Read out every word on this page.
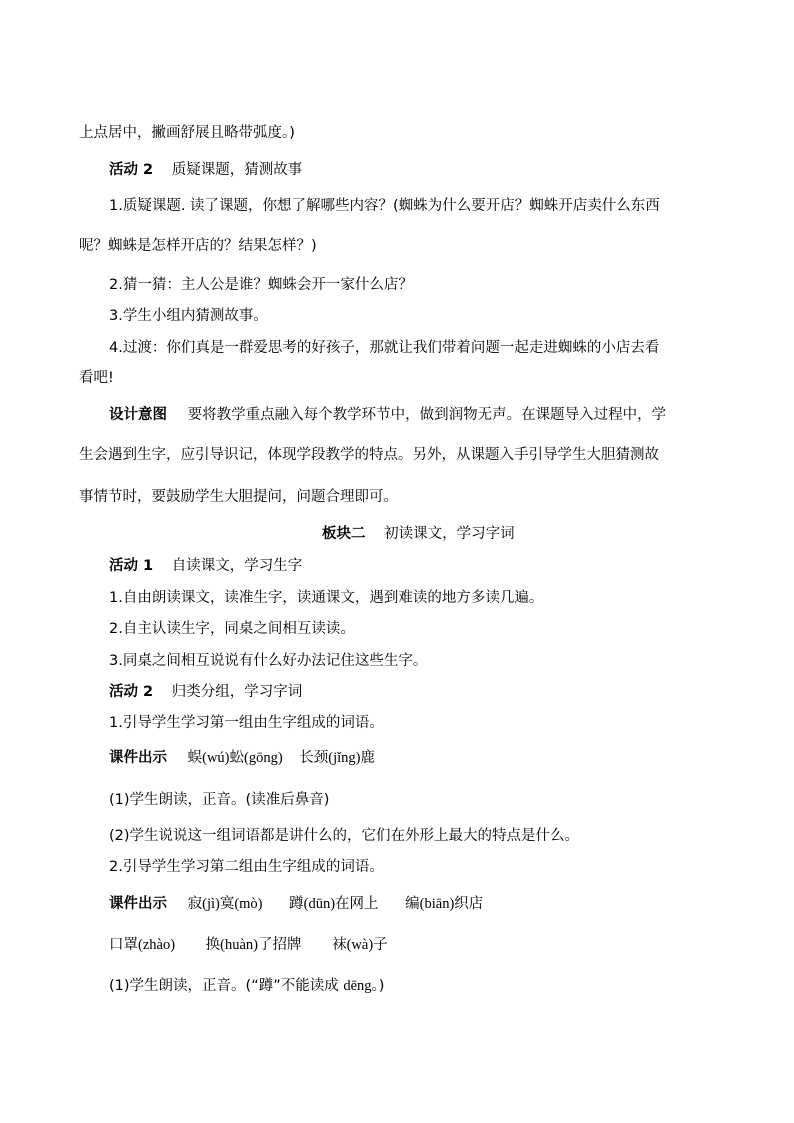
上点居中，撇画舒展且略带弧度。)
活动 2 质疑课题，猜测故事
1.质疑课题. 读了课题，你想了解哪些内容？(蜘蛛为什么要开店？蜘蛛开店卖什么东西
呢？蜘蛛是怎样开店的？结果怎样？)
2.猜一猜：主人公是谁？蜘蛛会开一家什么店？
3.学生小组内猜测故事。
4.过渡：你们真是一群爱思考的好孩子，那就让我们带着问题一起走进蜘蛛的小店去看
看吧!
设计意图 要将教学重点融入每个教学环节中，做到润物无声。在课题导入过程中，学
生会遇到生字，应引导识记，体现学段教学的特点。另外，从课题入手引导学生大胆猜测故
事情节时，要鼓励学生大胆提问，问题合理即可。
板块二 初读课文，学习字词
活动 1 自读课文，学习生字
1.自由朗读课文，读准生字，读通课文，遇到难读的地方多读几遍。
2.自主认读生字，同桌之间相互读读。
3.同桌之间相互说说有什么好办法记住这些生字。
活动 2 归类分组，学习字词
1.引导学生学习第一组由生字组成的词语。
课件出示 蜈(wú)蚣(gōng) 长颈(jǐng)鹿
(1)学生朗读，正音。(读准后鼻音)
(2)学生说说这一组词语都是讲什么的，它们在外形上最大的特点是什么。
2.引导学生学习第二组由生字组成的词语。
课件出示 寂(jì)寞(mò) 蹲(dūn)在网上 编(biān)织店
口罩(zhào) 换(huàn)了招牌 袜(wà)子
(1)学生朗读，正音。(“蹲”不能读成 dēng。)
